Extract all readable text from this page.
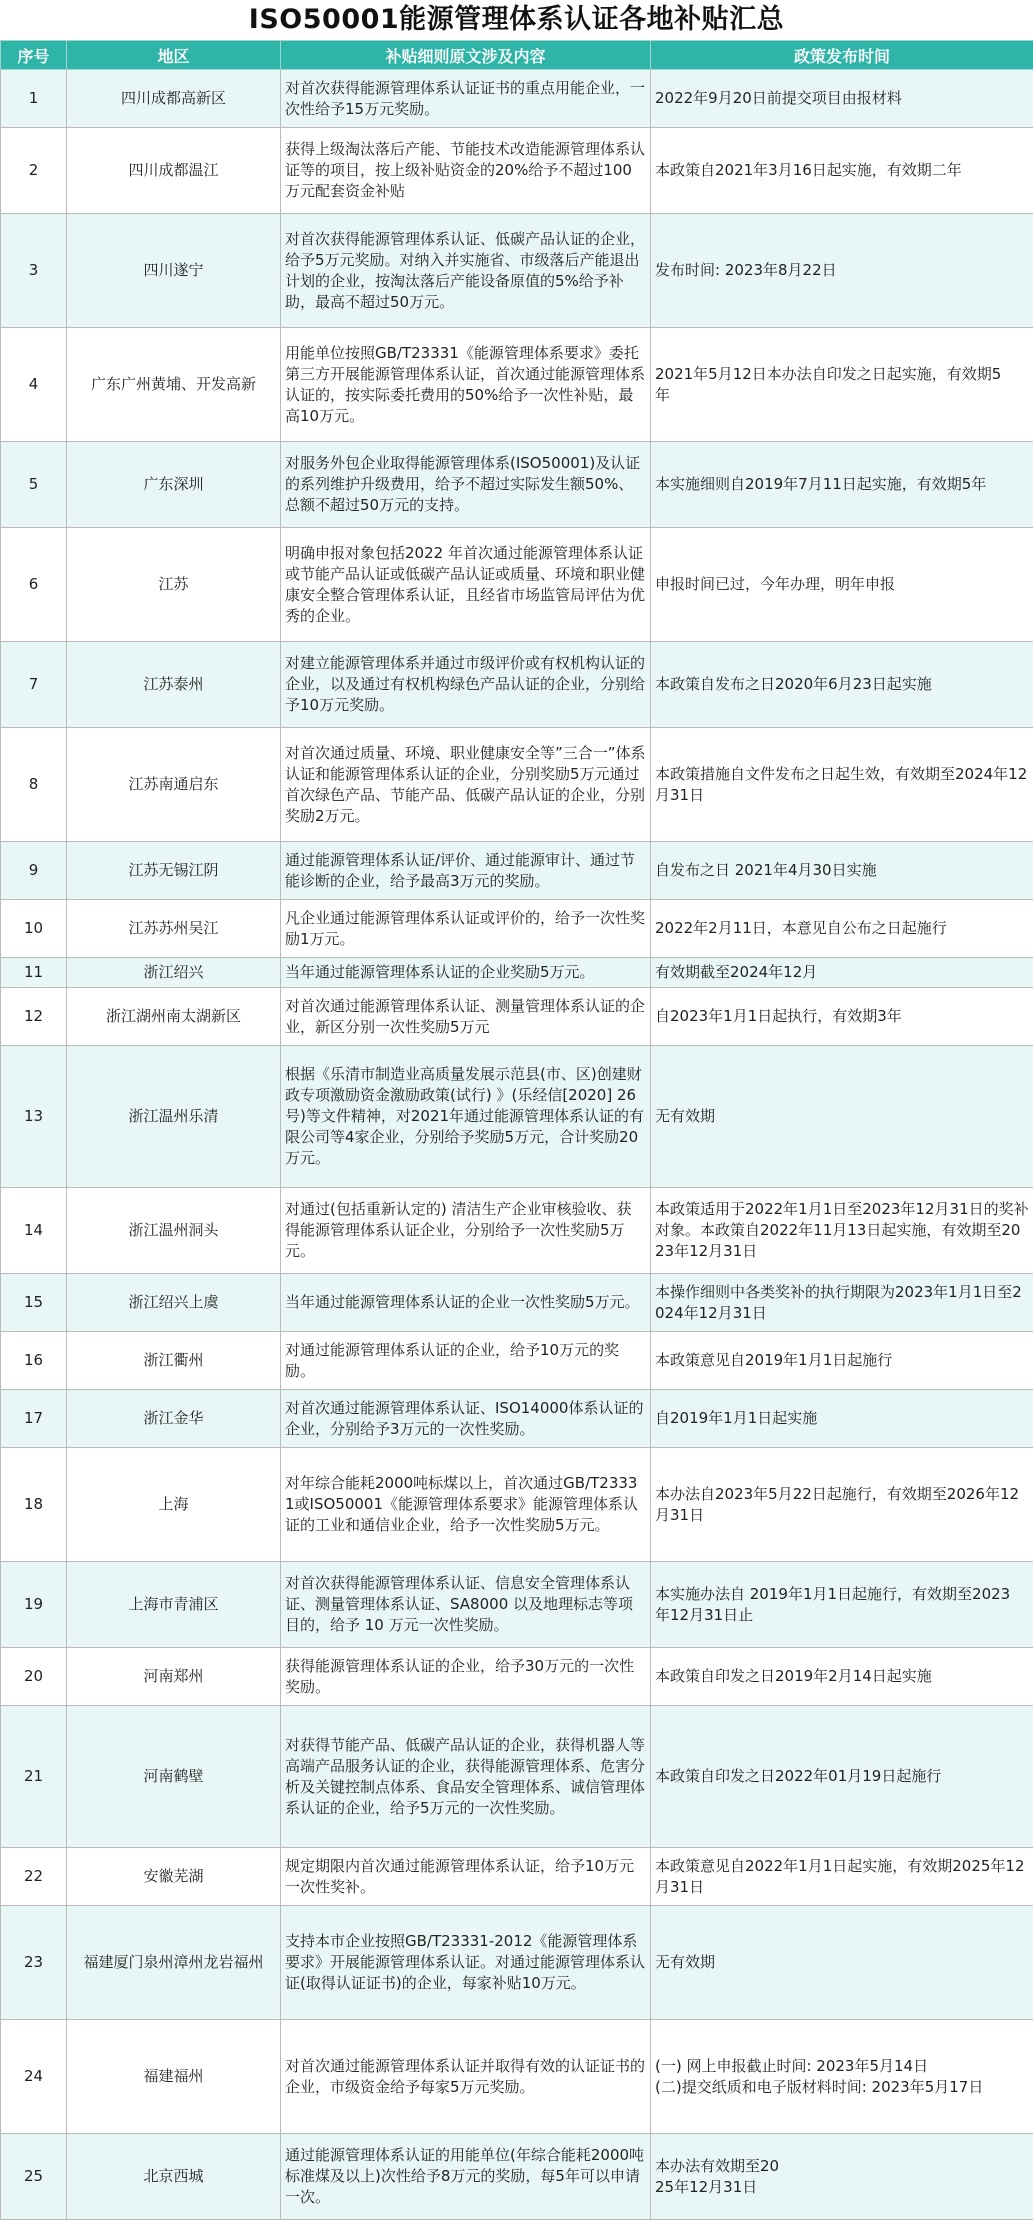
ISO50001能源管理体系认证各地补贴汇总
序号	地区	补贴细则原文涉及内容	政策发布时间
1	四川成都高新区	对首次获得能源管理体系认证证书的重点用能企业，一次性给予15万元奖励。	2022年9月20日前提交项目由报材料
2	四川成都温江	获得上级淘汰落后产能、节能技术改造能源管理体系认证等的项目，按上级补贴资金的20%给予不超过100万元配套资金补贴	本政策自2021年3月16日起实施，有效期二年
3	四川遂宁	对首次获得能源管理体系认证、低碳产品认证的企业，给予5万元奖励。对纳入并实施省、市级落后产能退出计划的企业，按淘汰落后产能设备原值的5%给予补助，最高不超过50万元。	发布时间: 2023年8月22日
4	广东广州黄埔、开发高新	用能单位按照GB/T23331《能源管理体系要求》委托第三方开展能源管理体系认证，首次通过能源管理体系认证的，按实际委托费用的50%给予一次性补贴，最高10万元。	2021年5月12日本办法自印发之日起实施，有效期5
年
5	广东深圳	对服务外包企业取得能源管理体系(ISO50001)及认证的系列维护升级费用，给予不超过实际发生额50%、总额不超过50万元的支持。	本实施细则自2019年7月11日起实施，有效期5年
6	江苏	明确申报对象包括2022 年首次通过能源管理体系认证或节能产品认证或低碳产品认证或质量、环境和职业健康安全整合管理体系认证，且经省市场监管局评估为优秀的企业。	申报时间已过，今年办理，明年申报
7	江苏泰州	对建立能源管理体系并通过市级评价或有权机构认证的企业，以及通过有权机构绿色产品认证的企业，分别给予10万元奖励。	本政策自发布之日2020年6月23日起实施
8	江苏南通启东	对首次通过质量、环境、职业健康安全等”三合一”体系认证和能源管理体系认证的企业，分别奖励5万元通过首次绿色产品、节能产品、低碳产品认证的企业，分别奖励2万元。	本政策措施自文件发布之日起生效，有效期至2024年12月31日
9	江苏无锡江阴	通过能源管理体系认证/评价、通过能源审计、通过节能诊断的企业，给予最高3万元的奖励。	自发布之日 2021年4月30日实施
10	江苏苏州吴江	凡企业通过能源管理体系认证或评价的，给予一次性奖励1万元。	2022年2月11日，本意见自公布之日起施行
11	浙江绍兴	当年通过能源管理体系认证的企业奖励5万元。	有效期截至2024年12月
12	浙江湖州南太湖新区	对首次通过能源管理体系认证、测量管理体系认证的企业，新区分别一次性奖励5万元	自2023年1月1日起执行，有效期3年
13	浙江温州乐清	根据《乐清市制造业高质量发展示范县(市、区)创建财政专项激励资金激励政策(试行) 》(乐经信[2020] 26 号)等文件精神，对2021年通过能源管理体系认证的有限公司等4家企业，分别给予奖励5万元，合计奖励20万元。	无有效期
14	浙江温州洞头	对通过(包括重新认定的) 清洁生产企业审核验收、获得能源管理体系认证企业，分别给予一次性奖励5万元。	本政策适用于2022年1月1日至2023年12月31日的奖补对象。本政策自2022年11月13日起实施，有效期至2023年12月31日
15	浙江绍兴上虞	当年通过能源管理体系认证的企业一次性奖励5万元。	本操作细则中各类奖补的执行期限为2023年1月1日至2024年12月31日
16	浙江衢州	对通过能源管理体系认证的企业，给予10万元的奖励。	本政策意见自2019年1月1日起施行
17	浙江金华	对首次通过能源管理体系认证、ISO14000体系认证的企业，分别给予3万元的一次性奖励。	自2019年1月1日起实施
18	上海	对年综合能耗2000吨标煤以上，首次通过GB/T23331或ISO50001《能源管理体系要求》能源管理体系认证的工业和通信业企业，给予一次性奖励5万元。	本办法自2023年5月22日起施行，有效期至2026年12月31日
19	上海市青浦区	对首次获得能源管理体系认证、信息安全管理体系认证、测量管理体系认证、SA8000 以及地理标志等项目的，给予 10 万元一次性奖励。	本实施办法自 2019年1月1日起施行，有效期至2023 年12月31日止
20	河南郑州	获得能源管理体系认证的企业，给予30万元的一次性奖励。	本政策自印发之日2019年2月14日起实施
21	河南鹤壁	对获得节能产品、低碳产品认证的企业，获得机器人等高端产品服务认证的企业，获得能源管理体系、危害分析及关键控制点体系、食品安全管理体系、诚信管理体系认证的企业，给予5万元的一次性奖励。	本政策自印发之日2022年01月19日起施行
22	安徽芜湖	规定期限内首次通过能源管理体系认证，给予10万元一次性奖补。	本政策意见自2022年1月1日起实施，有效期2025年12月31日
23	福建厦门泉州漳州龙岩福州	支持本市企业按照GB/T23331-2012《能源管理体系要求》开展能源管理体系认证。对通过能源管理体系认证(取得认证证书)的企业，每家补贴10万元。	无有效期
24	福建福州	对首次通过能源管理体系认证并取得有效的认证证书的企业，市级资金给予每家5万元奖励。	(一) 网上申报截止时间: 2023年5月14日
(二)提交纸质和电子版材料时间: 2023年5月17日
25	北京西城	通过能源管理体系认证的用能单位(年综合能耗2000吨标准煤及以上)次性给予8万元的奖励，每5年可以申请一次。	本办法有效期至20
25年12月31日
